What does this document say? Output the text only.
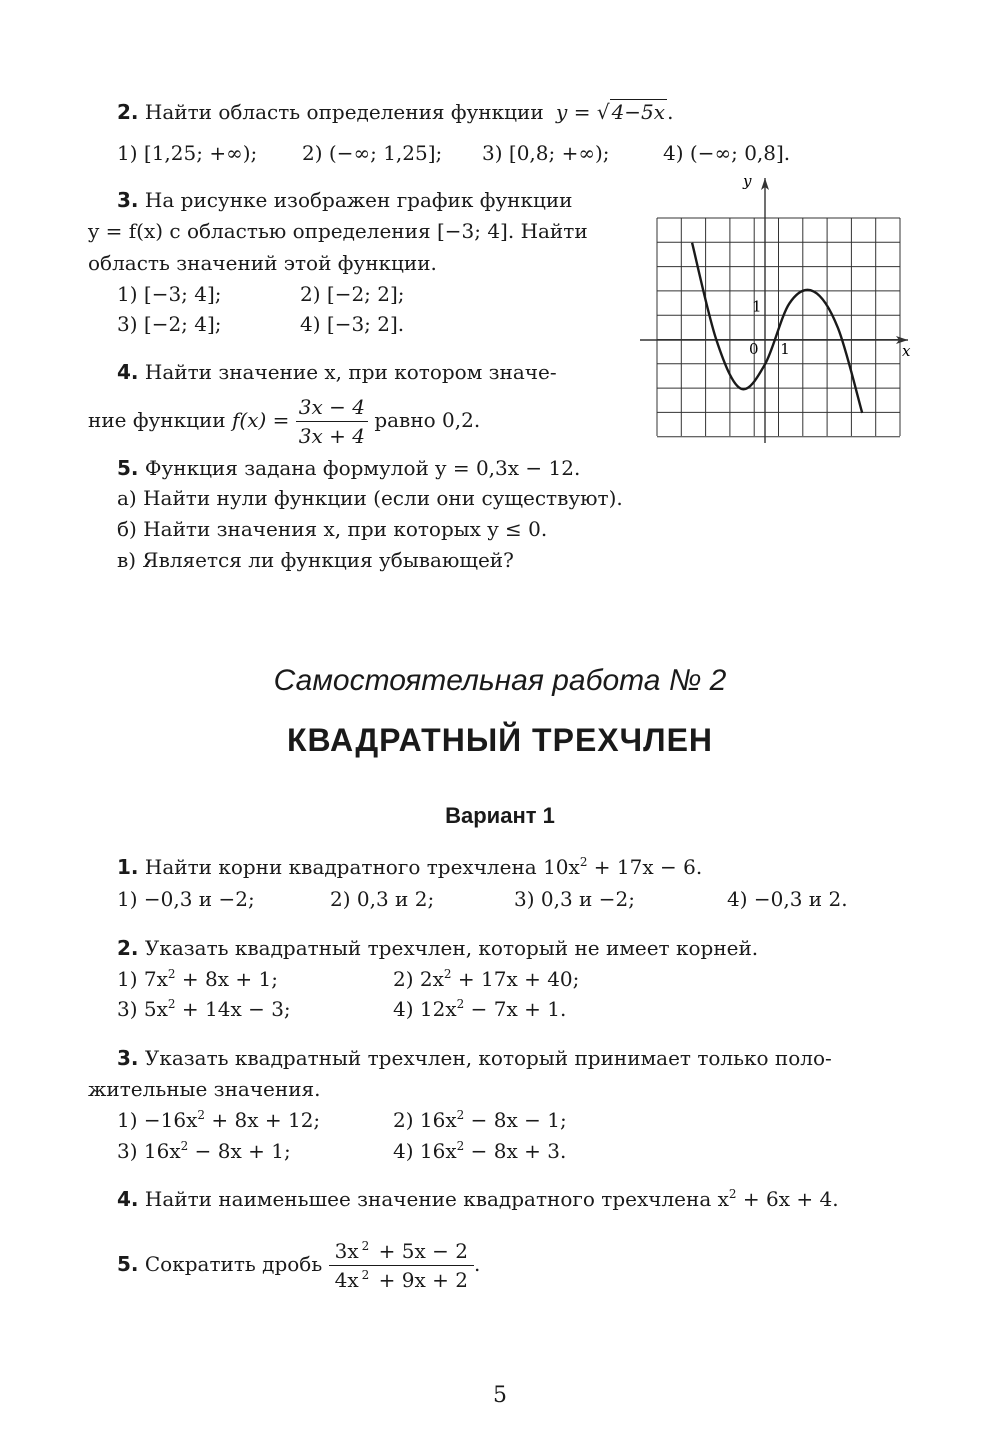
2. Найти область определения функции y = √ 4−5x .
1) [1,25; +∞); 2) (−∞; 1,25]; 3) [0,8; +∞);	4) (−∞; 0,8].
3. На рисунке изображен график функции
y = f(x) с областью определения [−3; 4]. Найти
область значений этой функции.
1) [−3; 4];	2) [−2; 2];
3) [−2; 4];	4) [−3; 2].
y
x
0 1
1
4. Найти значение x, при котором значе-
ние функции $f(x) = \frac{3x - 4}{3x + 4}$ равно 0,2.
5. Функция задана формулой y = 0,3x − 12.
а) Найти нули функции (если они существуют).
б) Найти значения x, при которых y ≤ 0.
в) Является ли функция убывающей?
Самостоятельная работа № 2
КВАДРАТНЫЙ ТРЕХЧЛЕН
Вариант 1
1. Найти корни квадратного трехчлена $10x^2 + 17x - 6$.
1) −0,3 и −2;	2) 0,3 и 2;	3) 0,3 и −2;	4) −0,3 и 2.
2. Указать квадратный трехчлен, который не имеет корней.
1) $7x^2 + 8x + 1$;	2) $2x^2 + 17x + 40$;
3) $5x^2 + 14x - 3$;	4) $12x^2 - 7x + 1$.
3. Указать квадратный трехчлен, который принимает только поло-
жительные значения.
$1) -16x^2 + 8x + 12$;	2) $16x^2 - 8x - 1$;
3) $16x^2 - 8x + 1$;	4) $16x^2 - 8x + 3$.
4. Найти наименьшее значение квадратного трехчлена $x^2 + 6x + 4$.
5. Сократить дробь $\frac{3x ^2 + 5x - 2}{4x ^2 + 9x + 2}$ .
5
